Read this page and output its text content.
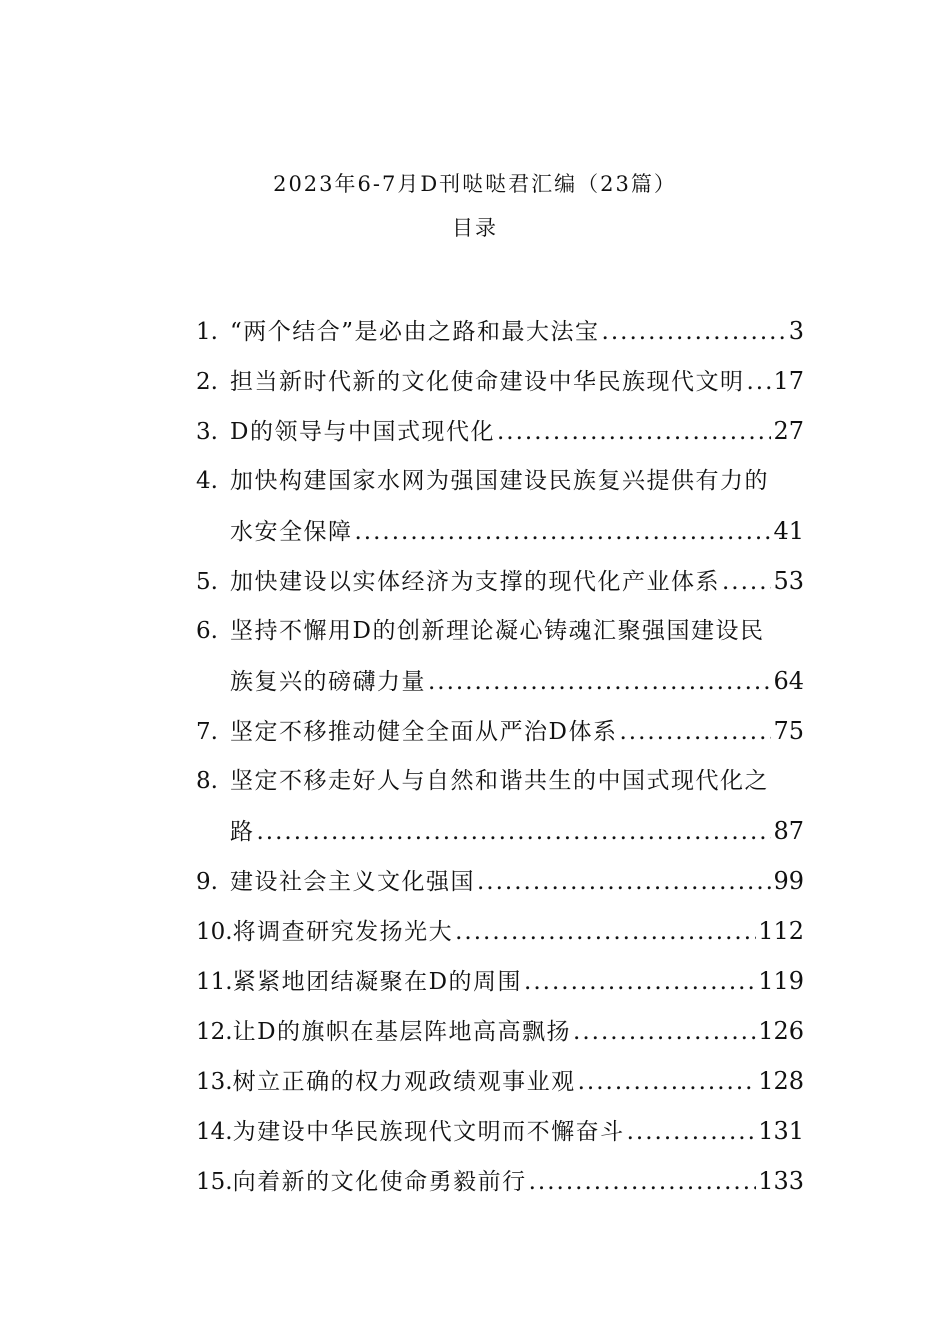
2023年6-7月D刊哒哒君汇编（23篇）
目录
1. “两个结合”是必由之路和最大法宝 .....	3
2. 担当新时代新的文化使命建设中华民族现代文明 ..... 17
3. D的领导与中国式现代化 .....	27
4. 加快构建国家水网为强国建设民族复兴提供有力的
水安全保障 .....	41
5. 加快建设以实体经济为支撑的现代化产业体系 ..... 53
6. 坚持不懈用D的创新理论凝心铸魂汇聚强国建设民
族复兴的磅礴力量 .....	64
7. 坚定不移推动健全全面从严治D体系 .....	75
8. 坚定不移走好人与自然和谐共生的中国式现代化之
路 .....	87
9. 建设社会主义文化强国 .....	99
10. 将调查研究发扬光大 .....	112
11. 紧紧地团结凝聚在D的周围 .....	119
12. 让D的旗帜在基层阵地高高飘扬 .....	126
13. 树立正确的权力观政绩观事业观 .....	128
14. 为建设中华民族现代文明而不懈奋斗 .....	131
15. 向着新的文化使命勇毅前行 .....	133
